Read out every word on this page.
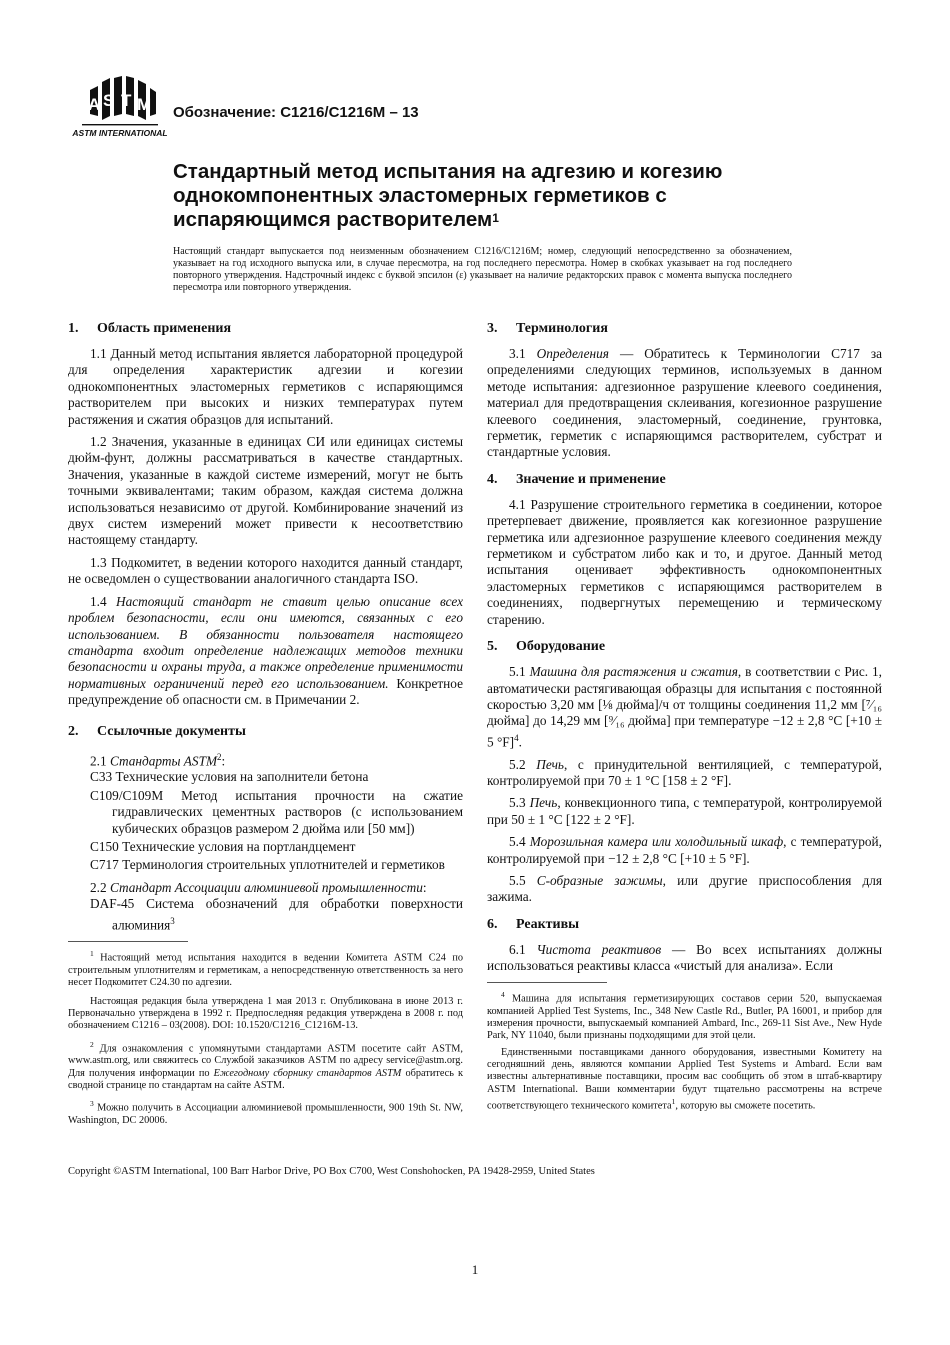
A S T M
ASTM INTERNATIONAL
Обозначение: C1216/C1216M – 13
Стандартный метод испытания на адгезию и когезию однокомпонентных эластомерных герметиков с испаряющимся растворителем$^1$

Настоящий стандарт выпускается под неизменным обозначением C1216/C1216M; номер, следующий непосредственно за обозначением, указывает на год исходного выпуска или, в случае пересмотра, на год последнего пересмотра. Номер в скобках указывает на год последнего повторного утверждения. Надстрочный индекс с буквой эпсилон (ε) указывает на наличие редакторских правок с момента выпуска последнего пересмотра или повторного утверждения.

1. Область применения

1.1 Данный метод испытания является лабораторной процедурой для определения характеристик адгезии и когезии однокомпонентных эластомерных герметиков с испаряющимся растворителем при высоких и низких температурах путем растяжения и сжатия образцов для испытаний.

1.2 Значения, указанные в единицах СИ или единицах системы дюйм-фунт, должны рассматриваться в качестве стандартных. Значения, указанные в каждой системе измерений, могут не быть точными эквивалентами; таким образом, каждая система должна использоваться независимо от другой. Комбинирование значений из двух систем измерений может привести к несоответствию настоящему стандарту.

1.3 Подкомитет, в ведении которого находится данный стандарт, не осведомлен о существовании аналогичного стандарта ISO.

1.4 Настоящий стандарт не ставит целью описание всех проблем безопасности, если они имеются, связанных с его использованием. В обязанности пользователя настоящего стандарта входит определение надлежащих методов техники безопасности и охраны труда, а также определение применимости нормативных ограничений перед его использованием. Конкретное предупреждение об опасности см. в Примечании 2.

2. Ссылочные документы

2.1 Стандарты ASTM$^2$:

C33 Технические условия на заполнители бетона

C109/C109M Метод испытания прочности на сжатие гидравлических цементных растворов (с использованием кубических образцов размером 2 дюйма или [50 мм])

C150 Технические условия на портландцемент

C717 Терминология строительных уплотнителей и герметиков

2.2 Стандарт Ассоциации алюминиевой промышленности:

DAF-45 Система обозначений для обработки поверхности алюминия$^3$

$^1$ Настоящий метод испытания находится в ведении Комитета ASTM C24 по строительным уплотнителям и герметикам, а непосредственную ответственность за него несет Подкомитет C24.30 по адгезии.

Настоящая редакция была утверждена 1 мая 2013 г. Опубликована в июне 2013 г. Первоначально утверждена в 1992 г. Предпоследняя редакция утверждена в 2008 г. под обозначением C1216 – 03(2008). DOI: 10.1520/C1216_C1216M-13.

$^2$ Для ознакомления с упомянутыми стандартами ASTM посетите сайт ASTM, www.astm.org, или свяжитесь со Службой заказчиков ASTM по адресу service@astm.org. Для получения информации по Ежегодному сборнику стандартов ASTM обратитесь к сводной странице по стандартам на сайте ASTM.

$^3$ Можно получить в Ассоциации алюминиевой промышленности, 900 19th St. NW, Washington, DC 20006.

3. Терминология

3.1 Определения — Обратитесь к Терминологии C717 за определениями следующих терминов, используемых в данном методе испытания: адгезионное разрушение клеевого соединения, материал для предотвращения склеивания, когезионное разрушение клеевого соединения, эластомерный, соединение, грунтовка, герметик, герметик с испаряющимся растворителем, субстрат и стандартные условия.

4. Значение и применение

4.1 Разрушение строительного герметика в соединении, которое претерпевает движение, проявляется как когезионное разрушение герметика или адгезионное разрушение клеевого соединения между герметиком и субстратом либо как и то, и другое. Данный метод испытания оценивает эффективность однокомпонентных эластомерных герметиков с испаряющимся растворителем в соединениях, подвергнутых перемещению и термическому старению.

5. Оборудование

5.1 Машина для растяжения и сжатия, в соответствии с Рис. 1, автоматически растягивающая образцы для испытания с постоянной скоростью 3,20 мм [⅛ дюйма]/ч от толщины соединения 11,2 мм [⁷⁄₁₆ дюйма] до 14,29 мм [⁹⁄₁₆ дюйма] при температуре −12 ± 2,8 °C [+10 ± 5 °F]$^4$.

5.2 Печь, с принудительной вентиляцией, с температурой, контролируемой при 70 ± 1 °C [158 ± 2 °F].

5.3 Печь, конвекционного типа, с температурой, контролируемой при 50 ± 1 °C [122 ± 2 °F].

5.4 Морозильная камера или холодильный шкаф, с температурой, контролируемой при −12 ± 2,8 °C [+10 ± 5 °F].

5.5 С-образные зажимы, или другие приспособления для зажима.

6. Реактивы

6.1 Чистота реактивов — Во всех испытаниях должны использоваться реактивы класса «чистый для анализа». Если

$^4$ Машина для испытания герметизирующих составов серии 520, выпускаемая компанией Applied Test Systems, Inc., 348 New Castle Rd., Butler, PA 16001, и прибор для измерения прочности, выпускаемый компанией Ambard, Inc., 269-11 Sist Ave., New Hyde Park, NY 11040, были признаны подходящими для этой цели.

Единственными поставщиками данного оборудования, известными Комитету на сегодняшний день, являются компании Applied Test Systems и Ambard. Если вам известны альтернативные поставщики, просим вас сообщить об этом в штаб-квартиру ASTM International. Ваши комментарии будут тщательно рассмотрены на встрече соответствующего технического комитета$^1$, которую вы сможете посетить.

Copyright ©ASTM International, 100 Barr Harbor Drive, PO Box C700, West Conshohocken, PA 19428-2959, United States
1
